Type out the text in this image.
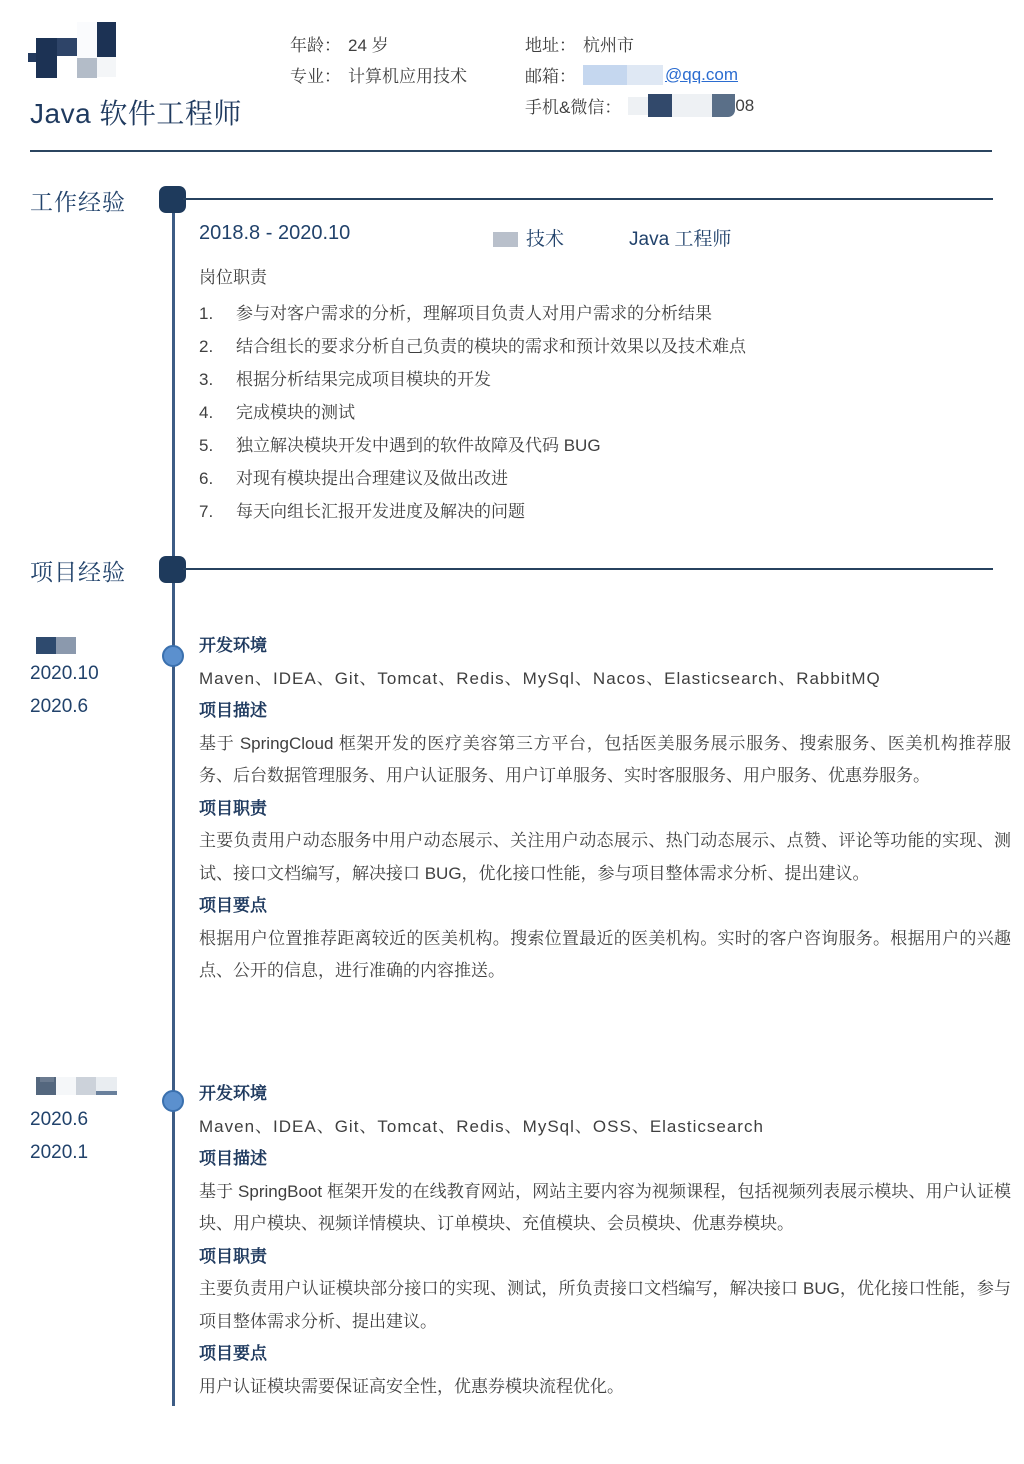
Java 软件工程师
年龄： 24 岁
专业： 计算机应用技术
地址： 杭州市
邮箱：	@qq.com
手机&微信：	08
工作经验
2018.8 - 2020.10	技术	Java 工程师
岗位职责
1.	参与对客户需求的分析，理解项目负责人对用户需求的分析结果
2.	结合组长的要求分析自己负责的模块的需求和预计效果以及技术难点
3.	根据分析结果完成项目模块的开发
4.	完成模块的测试
5.	独立解决模块开发中遇到的软件故障及代码 BUG
6.	对现有模块提出合理建议及做出改进
7.	每天向组长汇报开发进度及解决的问题
项目经验
2020.10
2020.6
开发环境
Maven、IDEA、Git、Tomcat、Redis、MySql、Nacos、Elasticsearch、RabbitMQ
项目描述
基于 SpringCloud 框架开发的医疗美容第三方平台，包括医美服务展示服务、搜索服务、医美机构推荐服务、后台数据管理服务、用户认证服务、用户订单服务、实时客服服务、用户服务、优惠券服务。
项目职责
主要负责用户动态服务中用户动态展示、关注用户动态展示、热门动态展示、点赞、评论等功能的实现、测试、接口文档编写，解决接口 BUG，优化接口性能，参与项目整体需求分析、提出建议。
项目要点
根据用户位置推荐距离较近的医美机构。搜索位置最近的医美机构。实时的客户咨询服务。根据用户的兴趣点、公开的信息，进行准确的内容推送。
2020.6
2020.1
开发环境
Maven、IDEA、Git、Tomcat、Redis、MySql、OSS、Elasticsearch
项目描述
基于 SpringBoot 框架开发的在线教育网站，网站主要内容为视频课程，包括视频列表展示模块、用户认证模块、用户模块、视频详情模块、订单模块、充值模块、会员模块、优惠券模块。
项目职责
主要负责用户认证模块部分接口的实现、测试，所负责接口文档编写，解决接口 BUG，优化接口性能，参与项目整体需求分析、提出建议。
项目要点
用户认证模块需要保证高安全性，优惠券模块流程优化。
